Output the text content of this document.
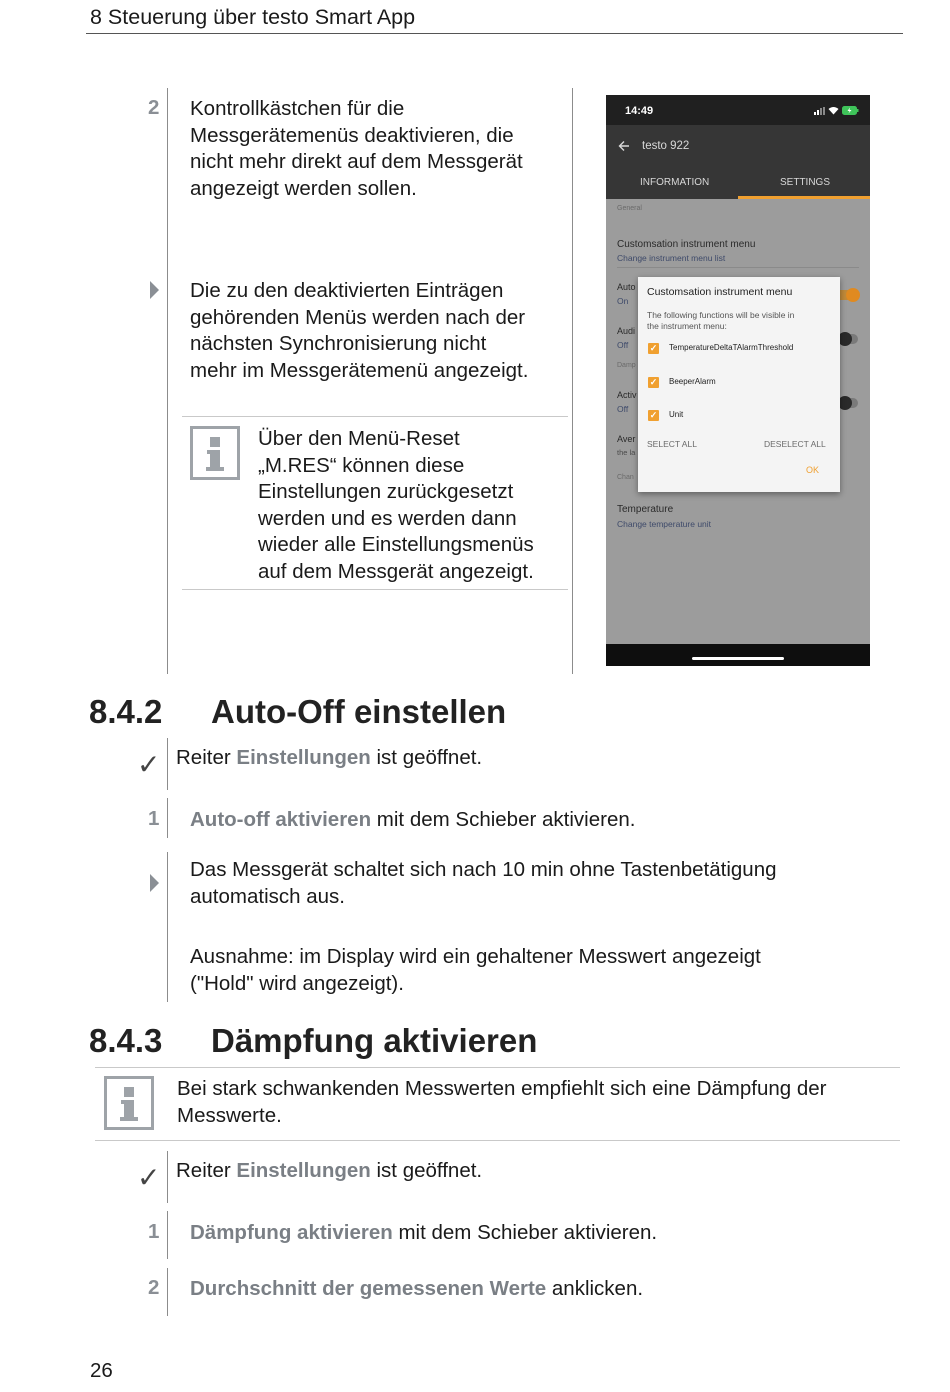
8 Steuerung über testo Smart App
2 Kontrollkästchen für die
Messgerätemenüs deaktivieren, die
nicht mehr direkt auf dem Messgerät
angezeigt werden sollen.
Die zu den deaktivierten Einträgen
gehörenden Menüs werden nach der
nächsten Synchronisierung nicht
mehr im Messgerätemenü angezeigt.
Über den Menü-Reset
„M.RES“ können diese
Einstellungen zurückgesetzt
werden und es werden dann
wieder alle Einstellungsmenüs
auf dem Messgerät angezeigt.
14:49
testo 922
INFORMATION	SETTINGS
General
Customsation instrument menu
Change instrument menu list
Auto
On
Audi
Off
Damp
Activ
Off
Aver
the la
Chan
Temperature
Change temperature unit
Customsation instrument menu
The following functions will be visible in
the instrument menu:
✓ TemperatureDeltaTAlarmThreshold
✓ BeeperAlarm
✓ Unit
SELECT ALL	DESELECT ALL
OK
8.4.2 Auto-Off einstellen
✓ Reiter Einstellungen ist geöffnet.
1 Auto-off aktivieren mit dem Schieber aktivieren.
Das Messgerät schaltet sich nach 10 min ohne Tastenbetätigung
automatisch aus.
Ausnahme: im Display wird ein gehaltener Messwert angezeigt
("Hold" wird angezeigt).
8.4.3 Dämpfung aktivieren
Bei stark schwankenden Messwerten empfiehlt sich eine Dämpfung der
Messwerte.
✓ Reiter Einstellungen ist geöffnet.
1 Dämpfung aktivieren mit dem Schieber aktivieren.
2 Durchschnitt der gemessenen Werte anklicken.
26
